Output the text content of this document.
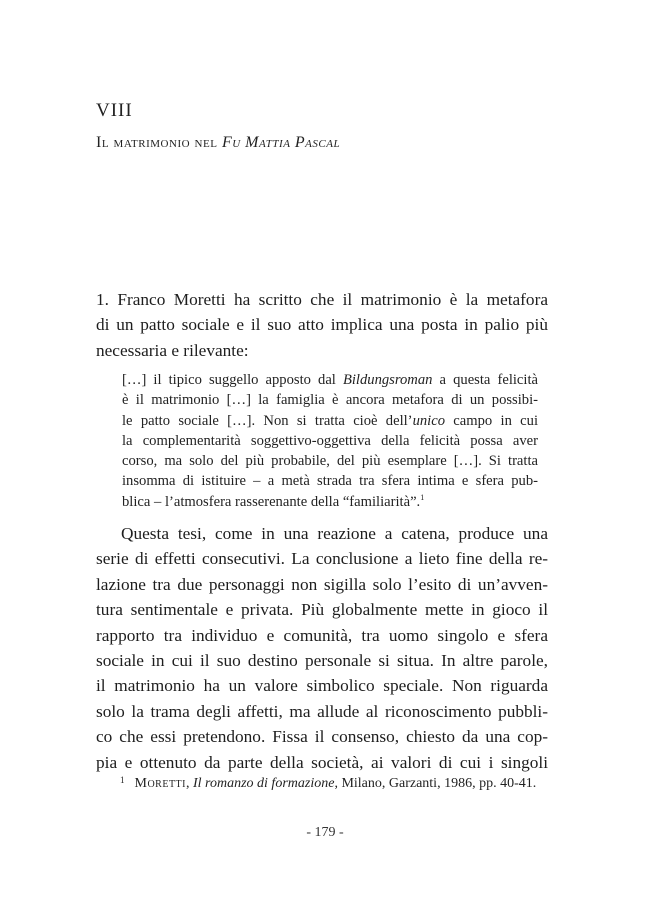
VIII
Il matrimonio nel Fu Mattia Pascal
1. Franco Moretti ha scritto che il matrimonio è la metafora
di un patto sociale e il suo atto implica una posta in palio più
necessaria e rilevante:
[…] il tipico suggello apposto dal Bildungsroman a questa felicità
è il matrimonio […] la famiglia è ancora metafora di un possibi-
le patto sociale […]. Non si tratta cioè dell’unico campo in cui
la complementarità soggettivo-oggettiva della felicità possa aver
corso, ma solo del più probabile, del più esemplare […]. Si tratta
insomma di istituire – a metà strada tra sfera intima e sfera pub-
blica – l’atmosfera rasserenante della “familiarità”.$^1$
Questa tesi, come in una reazione a catena, produce una
serie di effetti consecutivi. La conclusione a lieto fine della re-
lazione tra due personaggi non sigilla solo l’esito di un’avven-
tura sentimentale e privata. Più globalmente mette in gioco il
rapporto tra individuo e comunità, tra uomo singolo e sfera
sociale in cui il suo destino personale si situa. In altre parole,
il matrimonio ha un valore simbolico speciale. Non riguarda
solo la trama degli affetti, ma allude al riconoscimento pubbli-
co che essi pretendono. Fissa il consenso, chiesto da una cop-
pia e ottenuto da parte della società, ai valori di cui i singoli
$^1$ Moretti, Il romanzo di formazione, Milano, Garzanti, 1986, pp. 40-41.
- 179 -
